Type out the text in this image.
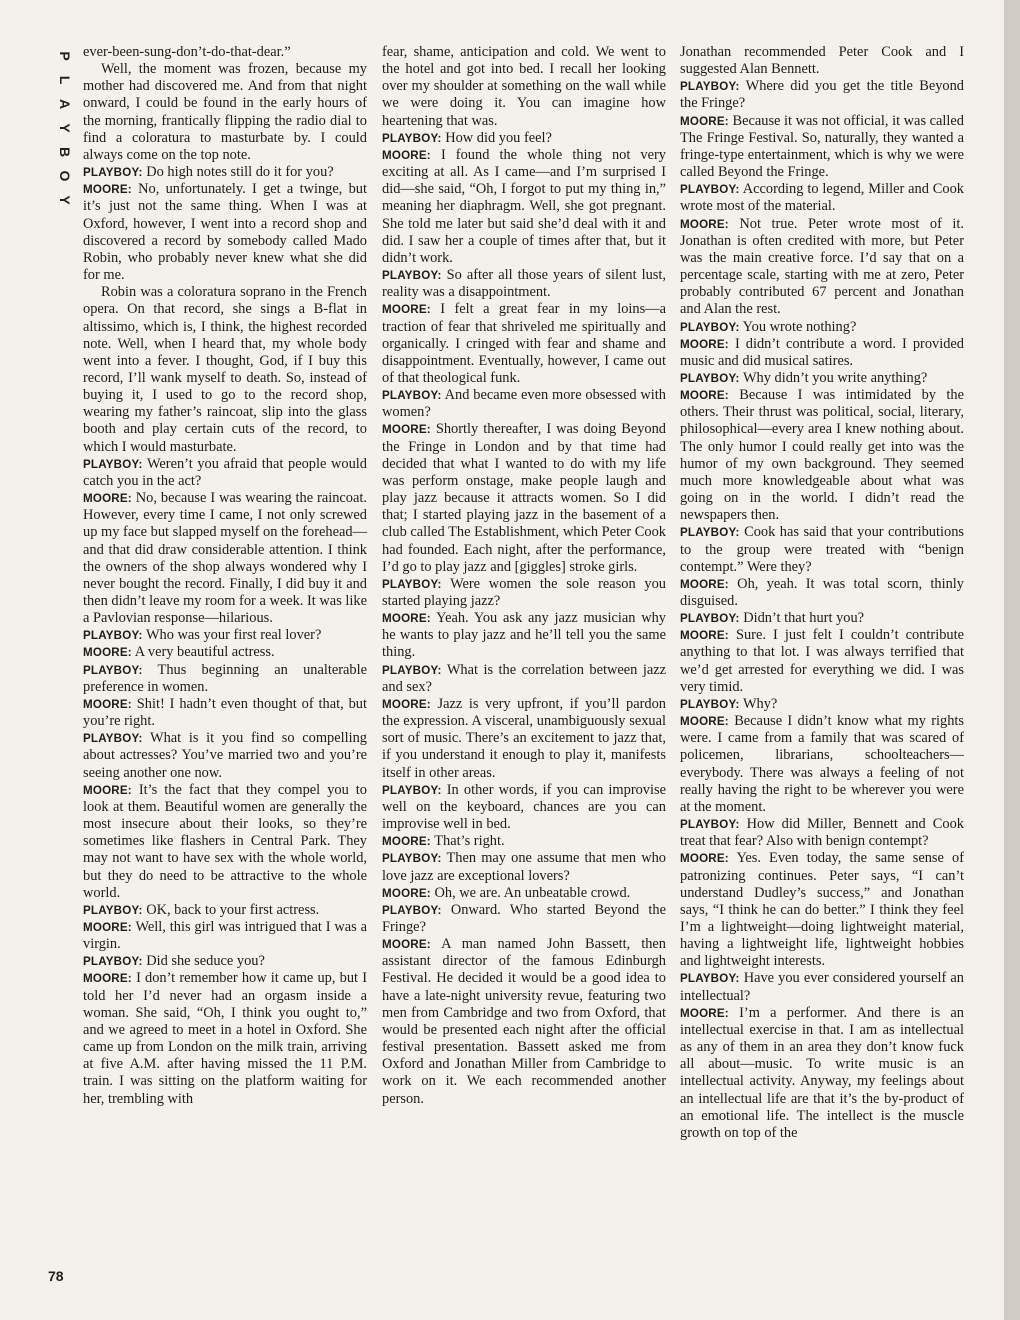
P
L
A
Y
B
O
Y

ever-been-sung-don’t-do-that-dear.”

Well, the moment was frozen, because my mother had discovered me. And from that night onward, I could be found in the early hours of the morning, frantically flipping the radio dial to find a coloratura to masturbate by. I could always come on the top note.

PLAYBOY: Do high notes still do it for you?

MOORE: No, unfortunately. I get a twinge, but it’s just not the same thing. When I was at Oxford, however, I went into a record shop and discovered a record by somebody called Mado Robin, who probably never knew what she did for me.

Robin was a coloratura soprano in the French opera. On that record, she sings a B-flat in altissimo, which is, I think, the highest recorded note. Well, when I heard that, my whole body went into a fever. I thought, God, if I buy this record, I’ll wank myself to death. So, instead of buying it, I used to go to the record shop, wearing my father’s raincoat, slip into the glass booth and play certain cuts of the record, to which I would masturbate.

PLAYBOY: Weren’t you afraid that people would catch you in the act?

MOORE: No, because I was wearing the raincoat. However, every time I came, I not only screwed up my face but slapped myself on the forehead—and that did draw considerable attention. I think the owners of the shop always wondered why I never bought the record. Finally, I did buy it and then didn’t leave my room for a week. It was like a Pavlovian response—hilarious.

PLAYBOY: Who was your first real lover?

MOORE: A very beautiful actress.

PLAYBOY: Thus beginning an unalterable preference in women.

MOORE: Shit! I hadn’t even thought of that, but you’re right.

PLAYBOY: What is it you find so compelling about actresses? You’ve married two and you’re seeing another one now.

MOORE: It’s the fact that they compel you to look at them. Beautiful women are generally the most insecure about their looks, so they’re sometimes like flashers in Central Park. They may not want to have sex with the whole world, but they do need to be attractive to the whole world.

PLAYBOY: OK, back to your first actress.

MOORE: Well, this girl was intrigued that I was a virgin.

PLAYBOY: Did she seduce you?

MOORE: I don’t remember how it came up, but I told her I’d never had an orgasm inside a woman. She said, “Oh, I think you ought to,” and we agreed to meet in a hotel in Oxford. She came up from London on the milk train, arriving at five A.M. after having missed the 11 P.M. train. I was sitting on the platform waiting for her, trembling with

fear, shame, anticipation and cold. We went to the hotel and got into bed. I recall her looking over my shoulder at something on the wall while we were doing it. You can imagine how heartening that was.

PLAYBOY: How did you feel?

MOORE: I found the whole thing not very exciting at all. As I came—and I’m surprised I did—she said, “Oh, I forgot to put my thing in,” meaning her diaphragm. Well, she got pregnant. She told me later but said she’d deal with it and did. I saw her a couple of times after that, but it didn’t work.

PLAYBOY: So after all those years of silent lust, reality was a disappointment.

MOORE: I felt a great fear in my loins—a traction of fear that shriveled me spiritually and organically. I cringed with fear and shame and disappointment. Eventually, however, I came out of that theological funk.

PLAYBOY: And became even more obsessed with women?

MOORE: Shortly thereafter, I was doing Beyond the Fringe in London and by that time had decided that what I wanted to do with my life was perform onstage, make people laugh and play jazz because it attracts women. So I did that; I started playing jazz in the basement of a club called The Establishment, which Peter Cook had founded. Each night, after the performance, I’d go to play jazz and [giggles] stroke girls.

PLAYBOY: Were women the sole reason you started playing jazz?

MOORE: Yeah. You ask any jazz musician why he wants to play jazz and he’ll tell you the same thing.

PLAYBOY: What is the correlation between jazz and sex?

MOORE: Jazz is very upfront, if you’ll pardon the expression. A visceral, unambiguously sexual sort of music. There’s an excitement to jazz that, if you understand it enough to play it, manifests itself in other areas.

PLAYBOY: In other words, if you can improvise well on the keyboard, chances are you can improvise well in bed.

MOORE: That’s right.

PLAYBOY: Then may one assume that men who love jazz are exceptional lovers?

MOORE: Oh, we are. An unbeatable crowd.

PLAYBOY: Onward. Who started Beyond the Fringe?

MOORE: A man named John Bassett, then assistant director of the famous Edinburgh Festival. He decided it would be a good idea to have a late-night university revue, featuring two men from Cambridge and two from Oxford, that would be presented each night after the official festival presentation. Bassett asked me from Oxford and Jonathan Miller from Cambridge to work on it. We each recommended another person.

Jonathan recommended Peter Cook and I suggested Alan Bennett.

PLAYBOY: Where did you get the title Beyond the Fringe?

MOORE: Because it was not official, it was called The Fringe Festival. So, naturally, they wanted a fringe-type entertainment, which is why we were called Beyond the Fringe.

PLAYBOY: According to legend, Miller and Cook wrote most of the material.

MOORE: Not true. Peter wrote most of it. Jonathan is often credited with more, but Peter was the main creative force. I’d say that on a percentage scale, starting with me at zero, Peter probably contributed 67 percent and Jonathan and Alan the rest.

PLAYBOY: You wrote nothing?

MOORE: I didn’t contribute a word. I provided music and did musical satires.

PLAYBOY: Why didn’t you write anything?

MOORE: Because I was intimidated by the others. Their thrust was political, social, literary, philosophical—every area I knew nothing about. The only humor I could really get into was the humor of my own background. They seemed much more knowledgeable about what was going on in the world. I didn’t read the newspapers then.

PLAYBOY: Cook has said that your contributions to the group were treated with “benign contempt.” Were they?

MOORE: Oh, yeah. It was total scorn, thinly disguised.

PLAYBOY: Didn’t that hurt you?

MOORE: Sure. I just felt I couldn’t contribute anything to that lot. I was always terrified that we’d get arrested for everything we did. I was very timid.

PLAYBOY: Why?

MOORE: Because I didn’t know what my rights were. I came from a family that was scared of policemen, librarians, schoolteachers—everybody. There was always a feeling of not really having the right to be wherever you were at the moment.

PLAYBOY: How did Miller, Bennett and Cook treat that fear? Also with benign contempt?

MOORE: Yes. Even today, the same sense of patronizing continues. Peter says, “I can’t understand Dudley’s success,” and Jonathan says, “I think he can do better.” I think they feel I’m a lightweight—doing lightweight material, having a lightweight life, lightweight hobbies and lightweight interests.

PLAYBOY: Have you ever considered yourself an intellectual?

MOORE: I’m a performer. And there is an intellectual exercise in that. I am as intellectual as any of them in an area they don’t know fuck all about—music. To write music is an intellectual activity. Anyway, my feelings about an intellectual life are that it’s the by-product of an emotional life. The intellect is the muscle growth on top of the

78
